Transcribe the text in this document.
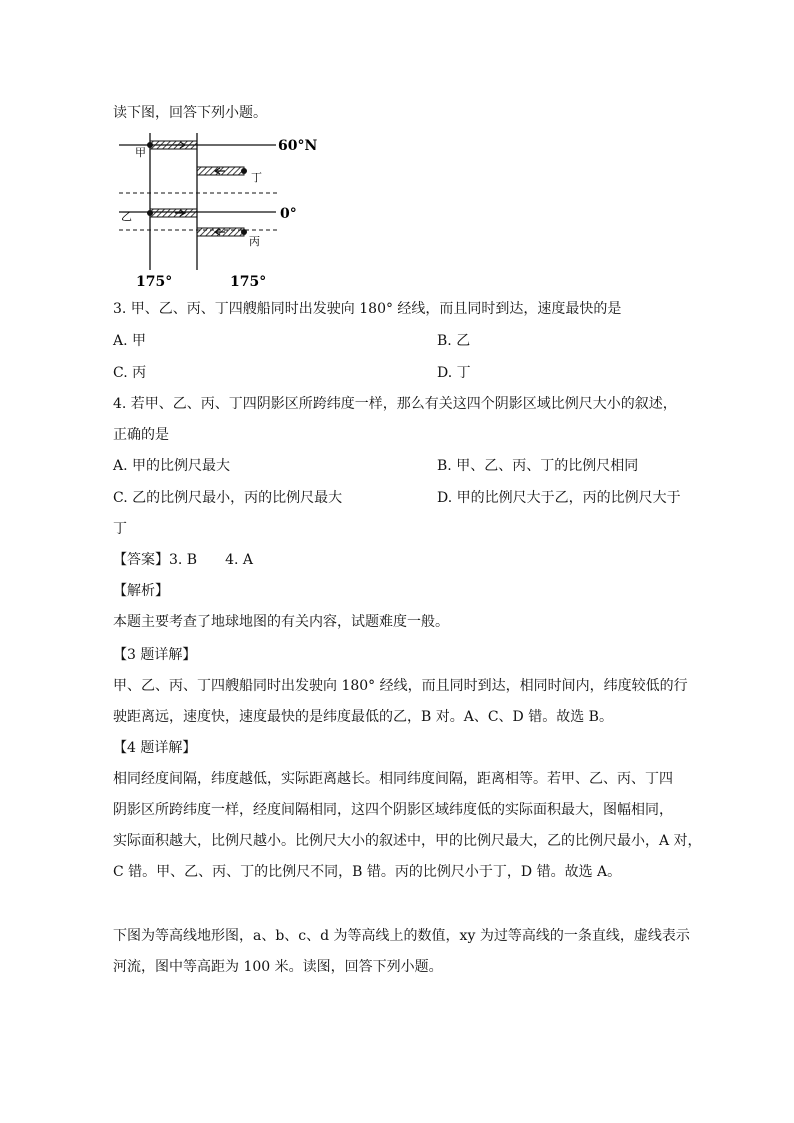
读下图，回答下列小题。
甲
丁
乙
丙
60°N
0°
175°	175°
3. 甲、乙、丙、丁四艘船同时出发驶向 180° 经线，而且同时到达，速度最快的是
A. 甲	B. 乙
C. 丙	D. 丁
4. 若甲、乙、丙、丁四阴影区所跨纬度一样，那么有关这四个阴影区域比例尺大小的叙述，
正确的是
A. 甲的比例尺最大	B. 甲、乙、丙、丁的比例尺相同
C. 乙的比例尺最小，丙的比例尺最大	D. 甲的比例尺大于乙，丙的比例尺大于
丁
【答案】3. B　　4. A
【解析】
本题主要考查了地球地图的有关内容，试题难度一般。
【3 题详解】
甲、乙、丙、丁四艘船同时出发驶向 180° 经线，而且同时到达，相同时间内，纬度较低的行
驶距离远，速度快，速度最快的是纬度最低的乙，B 对。A、C、D 错。故选 B。
【4 题详解】
相同经度间隔，纬度越低，实际距离越长。相同纬度间隔，距离相等。若甲、乙、丙、丁四
阴影区所跨纬度一样，经度间隔相同，这四个阴影区域纬度低的实际面积最大，图幅相同，
实际面积越大，比例尺越小。比例尺大小的叙述中，甲的比例尺最大，乙的比例尺最小，A 对，
C 错。甲、乙、丙、丁的比例尺不同，B 错。丙的比例尺小于丁，D 错。故选 A。
下图为等高线地形图，a、b、c、d 为等高线上的数值，xy 为过等高线的一条直线，虚线表示
河流，图中等高距为 100 米。读图，回答下列小题。
